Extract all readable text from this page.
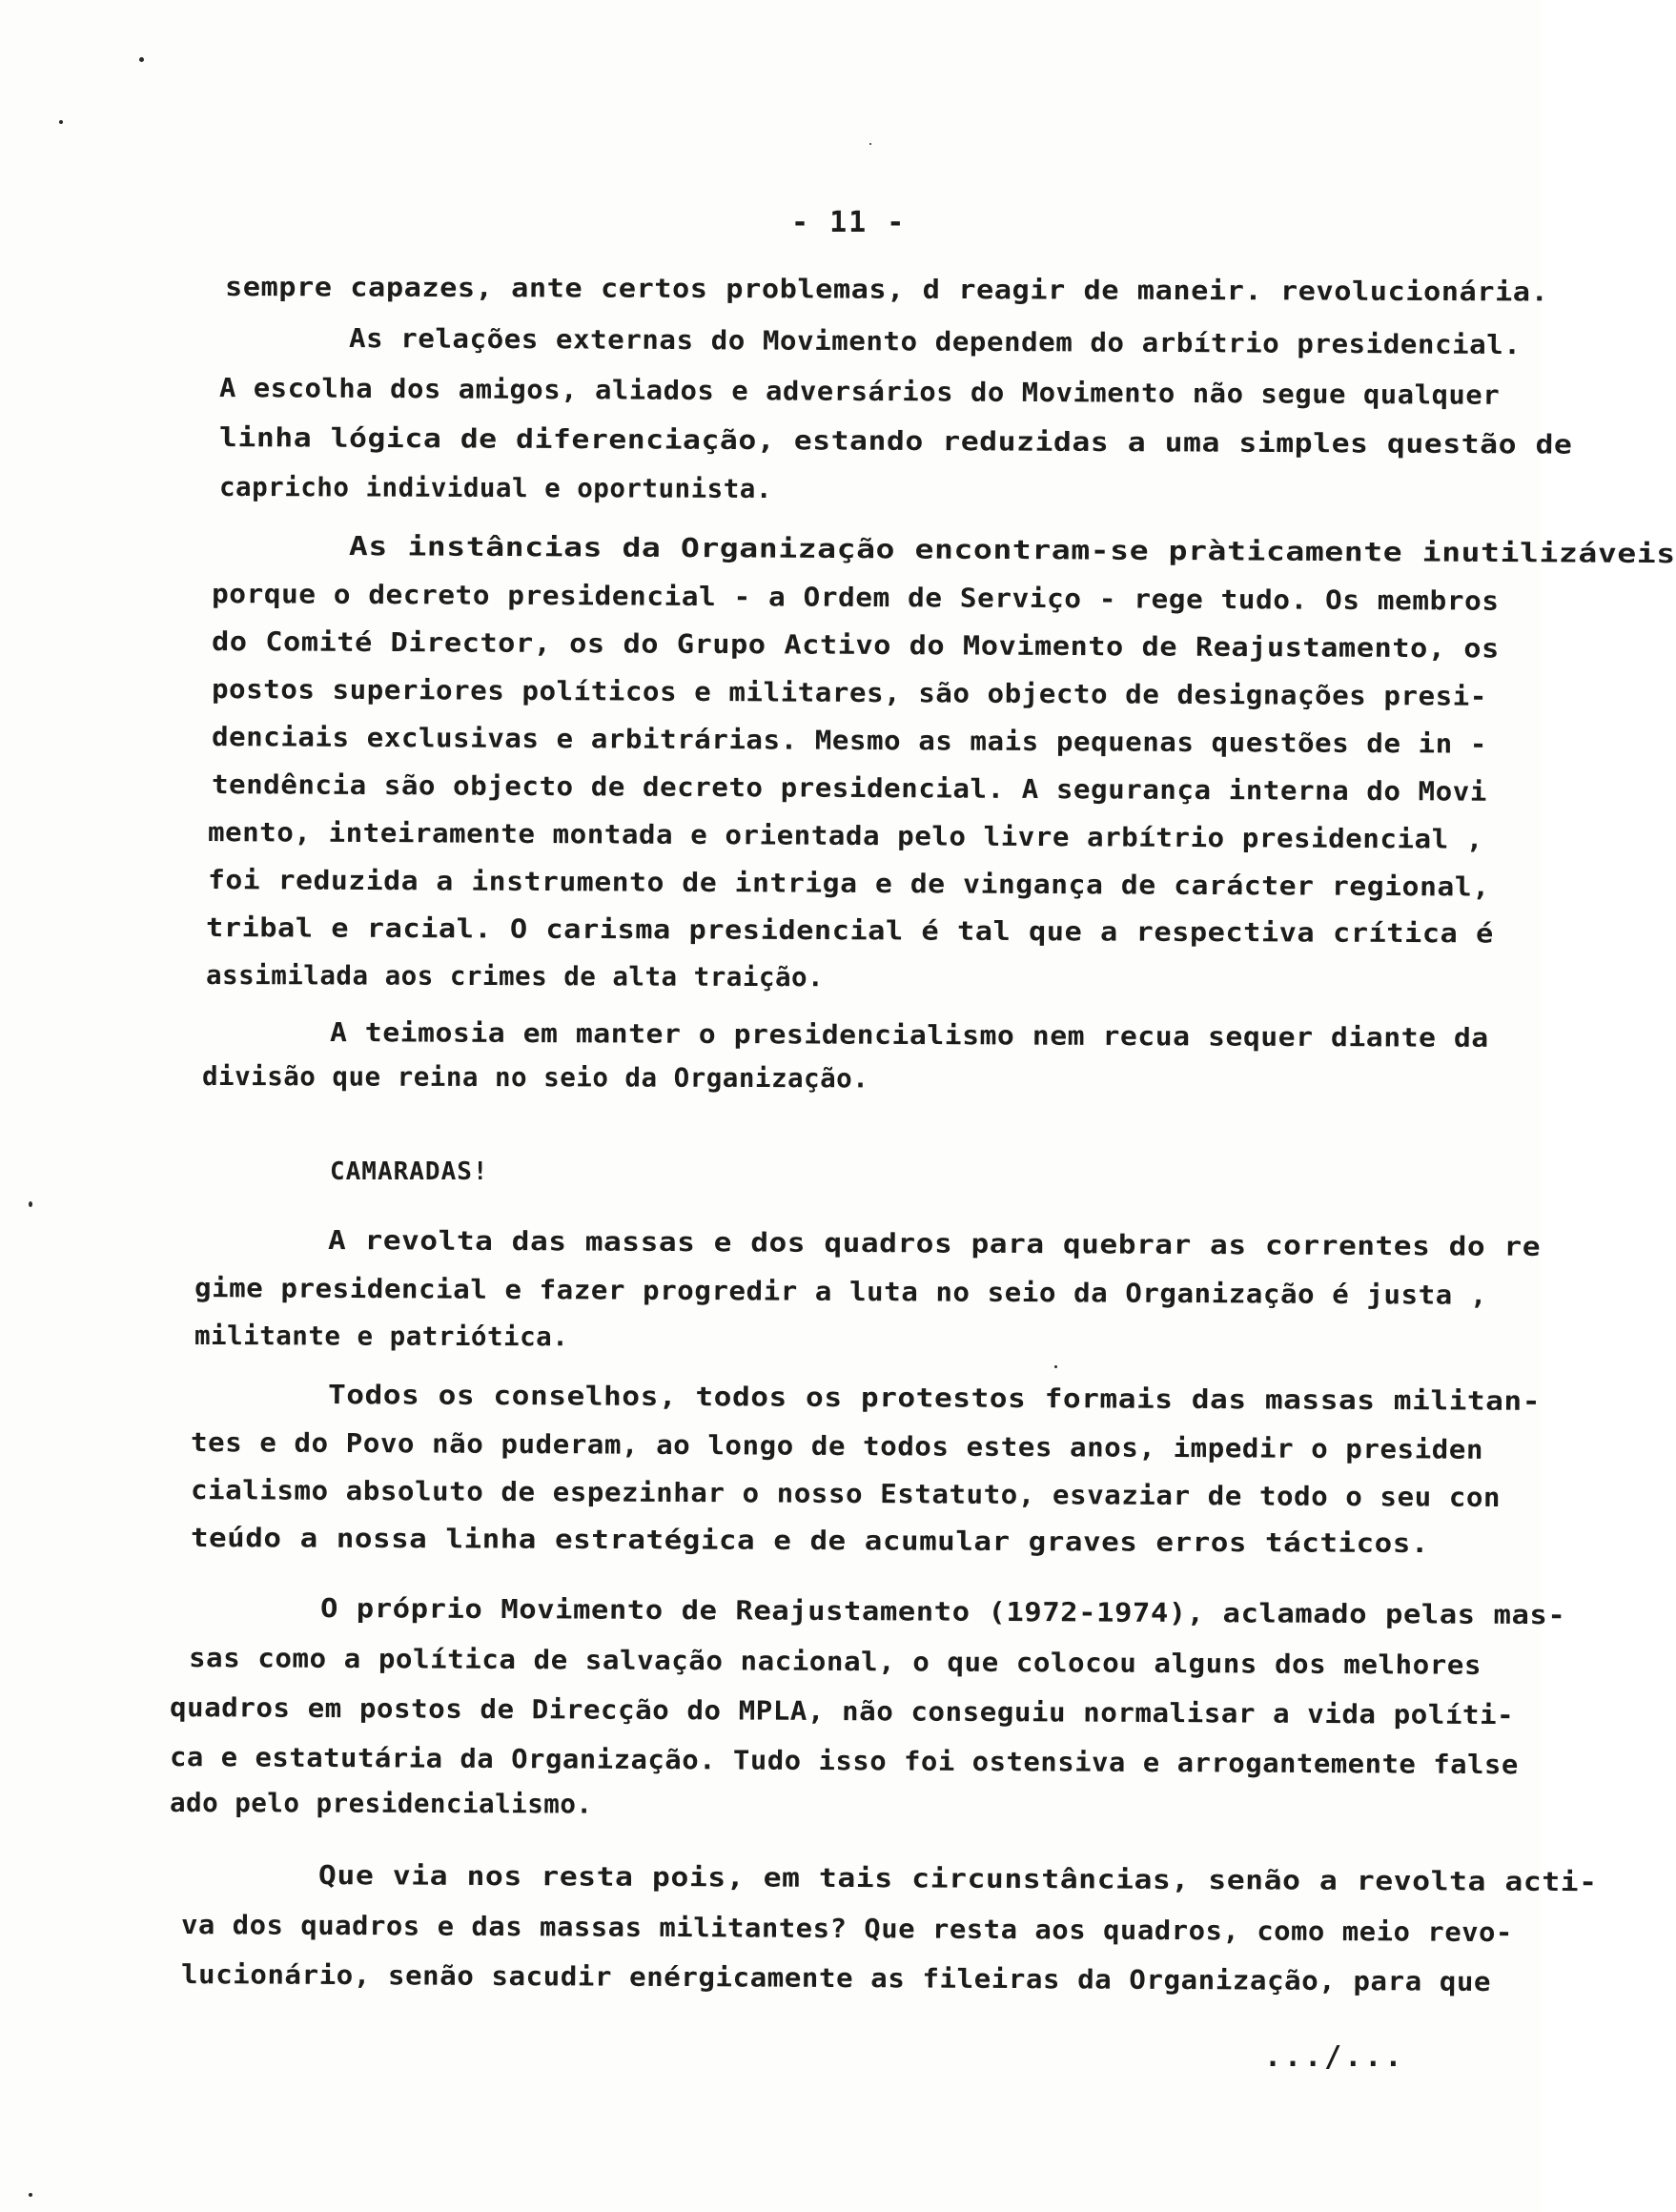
- 11 -
sempre capazes, ante certos problemas, d reagir de maneir. revolucionária.
As relações externas do Movimento dependem do arbítrio presidencial.
A escolha dos amigos, aliados e adversários do Movimento não segue qualquer
linha lógica de diferenciação, estando reduzidas a uma simples questão de
capricho individual e oportunista.
As instâncias da Organização encontram-se pràticamente inutilizáveis
porque o decreto presidencial - a Ordem de Serviço - rege tudo. Os membros
do Comité Director, os do Grupo Activo do Movimento de Reajustamento, os
postos superiores políticos e militares, são objecto de designações presi-
denciais exclusivas e arbitrárias. Mesmo as mais pequenas questões de in -
tendência são objecto de decreto presidencial. A segurança interna do Movi
mento, inteiramente montada e orientada pelo livre arbítrio presidencial ,
foi reduzida a instrumento de intriga e de vingança de carácter regional,
tribal e racial. O carisma presidencial é tal que a respectiva crítica é
assimilada aos crimes de alta traição.
A teimosia em manter o presidencialismo nem recua sequer diante da
divisão que reina no seio da Organização.
CAMARADAS!
A revolta das massas e dos quadros para quebrar as correntes do re
gime presidencial e fazer progredir a luta no seio da Organização é justa ,
militante e patriótica.
Todos os conselhos, todos os protestos formais das massas militan-
tes e do Povo não puderam, ao longo de todos estes anos, impedir o presiden
cialismo absoluto de espezinhar o nosso Estatuto, esvaziar de todo o seu con
teúdo a nossa linha estratégica e de acumular graves erros tácticos.
O próprio Movimento de Reajustamento (1972-1974), aclamado pelas mas-
sas como a política de salvação nacional, o que colocou alguns dos melhores
quadros em postos de Direcção do MPLA, não conseguiu normalisar a vida políti-
ca e estatutária da Organização. Tudo isso foi ostensiva e arrogantemente false
ado pelo presidencialismo.
Que via nos resta pois, em tais circunstâncias, senão a revolta acti-
va dos quadros e das massas militantes? Que resta aos quadros, como meio revo-
lucionário, senão sacudir enérgicamente as fileiras da Organização, para que
.../...
